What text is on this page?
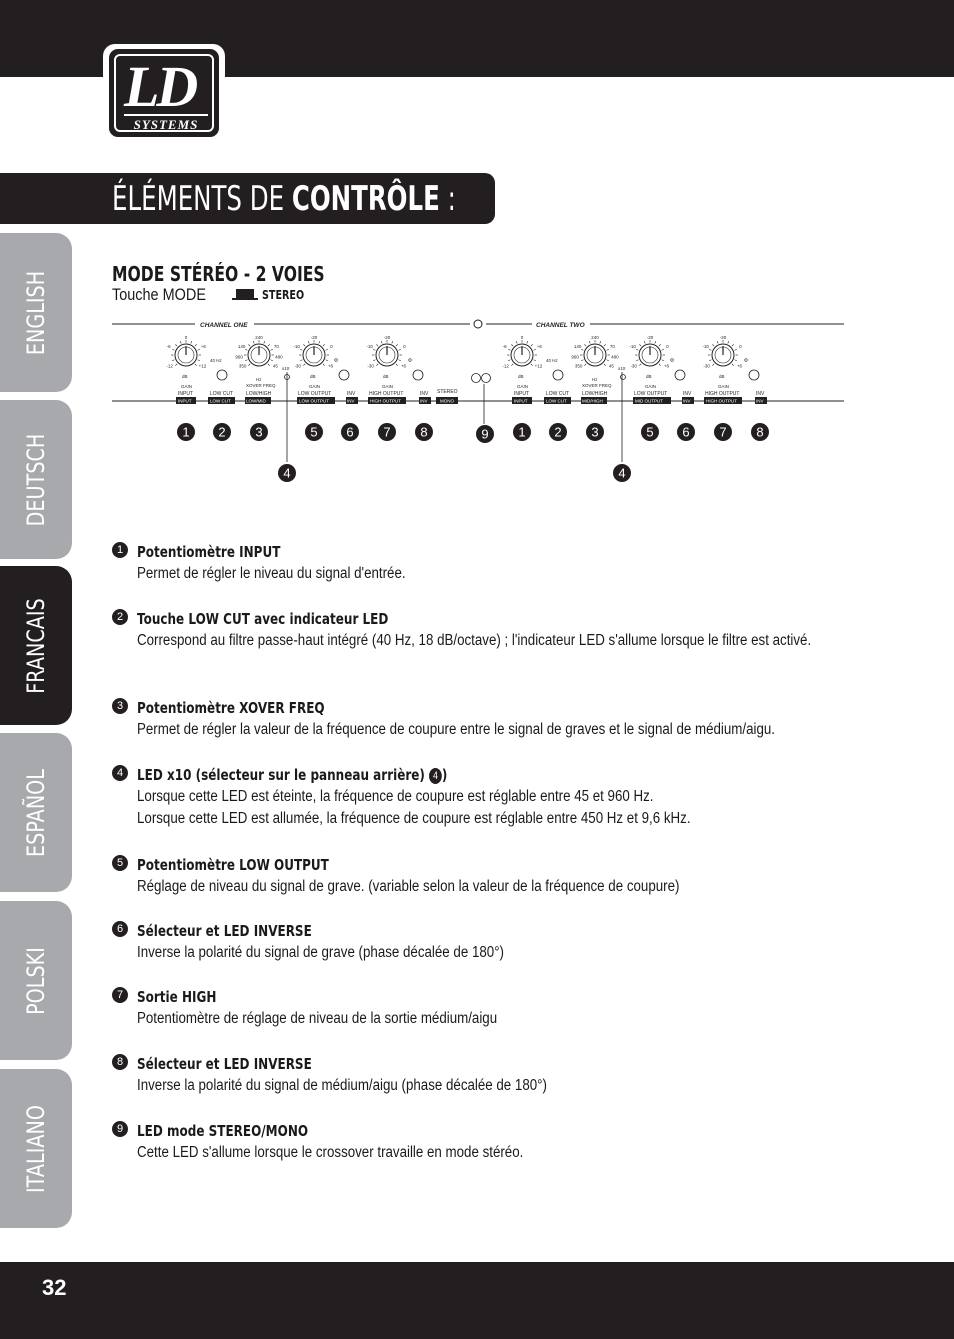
LD
SYSTEMS
ÉLÉMENTS DE CONTRÔLE :
ENGLISH
DEUTSCH
FRANCAIS
ESPAÑOL
POLSKI
ITALIANO
MODE STÉRÉO - 2 VOIES
Touche MODE	STEREO
CHANNEL ONE	CHANNEL TWO
-6
0
+6
-12	+12
dB
GAIN
INPUT
INPUT
40 Hz
LOW CUT
LOW CUT
140
240
70
350	45
960	480
Hz
XOVER FREQ
LOW/HIGH
LOW/MID
x10
-10
-20
0
-30	+6
dB
GAIN
LOW OUTPUT
LOW OUTPUT
Φ
INV
INV
-10
-20
0
-30	+6
dB
GAIN
HIGH OUTPUT
HIGH OUTPUT
Φ
INV
INV
-6
0
+6
-12	+12
dB
GAIN
INPUT
INPUT
40 Hz
LOW CUT
LOW CUT
140
240
70
350	45
960	480
Hz
XOVER FREQ
LOW/HIGH
MID/HIGH
x10
-10
-20
0
-30	+6
dB
GAIN
LOW OUTPUT
MID OUTPUT
Φ
INV
INV
-10
-20
0
-30	+6
dB
GAIN
HIGH OUTPUT
HIGH OUTPUT
Φ
INV
INV
STEREO
MONO
1 2 3	5 6 7 8	9 1 2 3	5 6 7 8
4	4
1 Potentiomètre INPUT
Permet de régler le niveau du signal d'entrée.
2 Touche LOW CUT avec indicateur LED
Correspond au filtre passe-haut intégré (40 Hz, 18 dB/octave) ; l'indicateur LED s'allume lorsque le filtre est activé.
3 Potentiomètre XOVER FREQ
Permet de régler la valeur de la fréquence de coupure entre le signal de graves et le signal de médium/aigu.
4 LED x10 (sélecteur sur le panneau arrière) 4 )
Lorsque cette LED est éteinte, la fréquence de coupure est réglable entre 45 et 960 Hz.
Lorsque cette LED est allumée, la fréquence de coupure est réglable entre 450 Hz et 9,6 kHz.
5 Potentiomètre LOW OUTPUT
Réglage de niveau du signal de grave. (variable selon la valeur de la fréquence de coupure)
6 Sélecteur et LED INVERSE
Inverse la polarité du signal de grave (phase décalée de 180°)
7 Sortie HIGH
Potentiomètre de réglage de niveau de la sortie médium/aigu
8 Sélecteur et LED INVERSE
Inverse la polarité du signal de médium/aigu (phase décalée de 180°)
9 LED mode STEREO/MONO
Cette LED s'allume lorsque le crossover travaille en mode stéréo.
32
